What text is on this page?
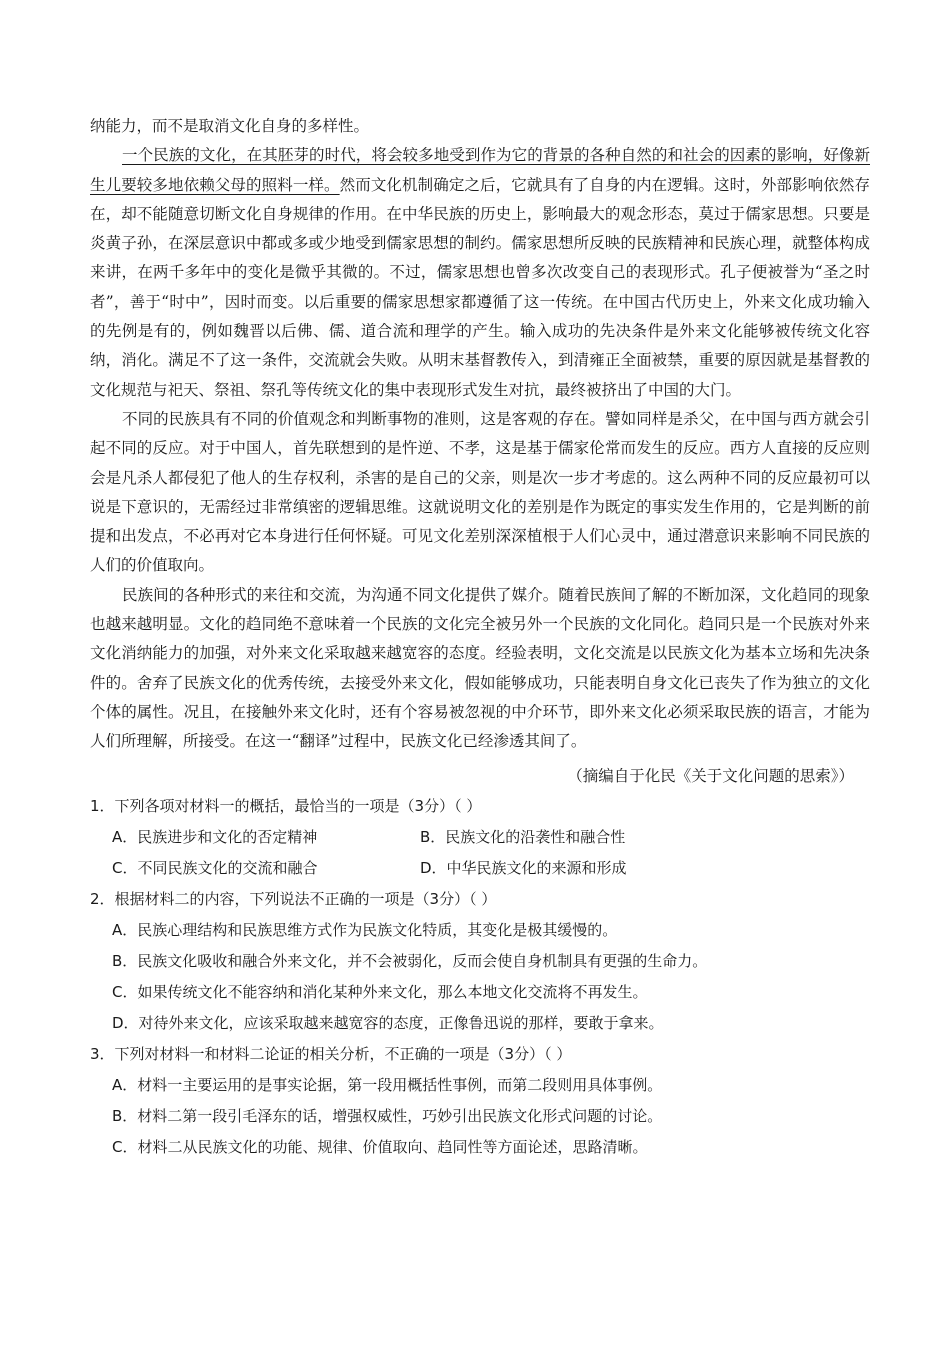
纳能力，而不是取消文化自身的多样性。

一个民族的文化，在其胚芽的时代，将会较多地受到作为它的背景的各种自然的和社会的因素的影响，好像新生儿要较多地依赖父母的照料一样。然而文化机制确定之后，它就具有了自身的内在逻辑。这时，外部影响依然存在，却不能随意切断文化自身规律的作用。在中华民族的历史上，影响最大的观念形态，莫过于儒家思想。只要是炎黄子孙，在深层意识中都或多或少地受到儒家思想的制约。儒家思想所反映的民族精神和民族心理，就整体构成来讲，在两千多年中的变化是微乎其微的。不过，儒家思想也曾多次改变自己的表现形式。孔子便被誉为“圣之时者”，善于“时中”，因时而变。以后重要的儒家思想家都遵循了这一传统。在中国古代历史上，外来文化成功输入的先例是有的，例如魏晋以后佛、儒、道合流和理学的产生。输入成功的先决条件是外来文化能够被传统文化容纳，消化。满足不了这一条件，交流就会失败。从明末基督教传入，到清雍正全面被禁，重要的原因就是基督教的文化规范与祀天、祭祖、祭孔等传统文化的集中表现形式发生对抗，最终被挤出了中国的大门。

不同的民族具有不同的价值观念和判断事物的准则，这是客观的存在。譬如同样是杀父，在中国与西方就会引起不同的反应。对于中国人，首先联想到的是忤逆、不孝，这是基于儒家伦常而发生的反应。西方人直接的反应则会是凡杀人都侵犯了他人的生存权利，杀害的是自己的父亲，则是次一步才考虑的。这么两种不同的反应最初可以说是下意识的，无需经过非常缜密的逻辑思维。这就说明文化的差别是作为既定的事实发生作用的，它是判断的前提和出发点，不必再对它本身进行任何怀疑。可见文化差别深深植根于人们心灵中，通过潜意识来影响不同民族的人们的价值取向。

民族间的各种形式的来往和交流，为沟通不同文化提供了媒介。随着民族间了解的不断加深，文化趋同的现象也越来越明显。文化的趋同绝不意味着一个民族的文化完全被另外一个民族的文化同化。趋同只是一个民族对外来文化消纳能力的加强，对外来文化采取越来越宽容的态度。经验表明，文化交流是以民族文化为基本立场和先决条件的。舍弃了民族文化的优秀传统，去接受外来文化，假如能够成功，只能表明自身文化已丧失了作为独立的文化个体的属性。况且，在接触外来文化时，还有个容易被忽视的中介环节，即外来文化必须采取民族的语言，才能为人们所理解，所接受。在这一“翻译”过程中，民族文化已经渗透其间了。

（摘编自于化民《关于文化问题的思索》）

1．下列各项对材料一的概括，最恰当的一项是（3分）（ ）
A．民族进步和文化的否定精神	B．民族文化的沿袭性和融合性
C．不同民族文化的交流和融合	D．中华民族文化的来源和形成
2．根据材料二的内容，下列说法不正确的一项是（3分）（ ）
A．民族心理结构和民族思维方式作为民族文化特质，其变化是极其缓慢的。
B．民族文化吸收和融合外来文化，并不会被弱化，反而会使自身机制具有更强的生命力。
C．如果传统文化不能容纳和消化某种外来文化，那么本地文化交流将不再发生。
D．对待外来文化，应该采取越来越宽容的态度，正像鲁迅说的那样，要敢于拿来。
3．下列对材料一和材料二论证的相关分析，不正确的一项是（3分）（ ）
A．材料一主要运用的是事实论据，第一段用概括性事例，而第二段则用具体事例。
B．材料二第一段引毛泽东的话，增强权威性，巧妙引出民族文化形式问题的讨论。
C．材料二从民族文化的功能、规律、价值取向、趋同性等方面论述，思路清晰。
